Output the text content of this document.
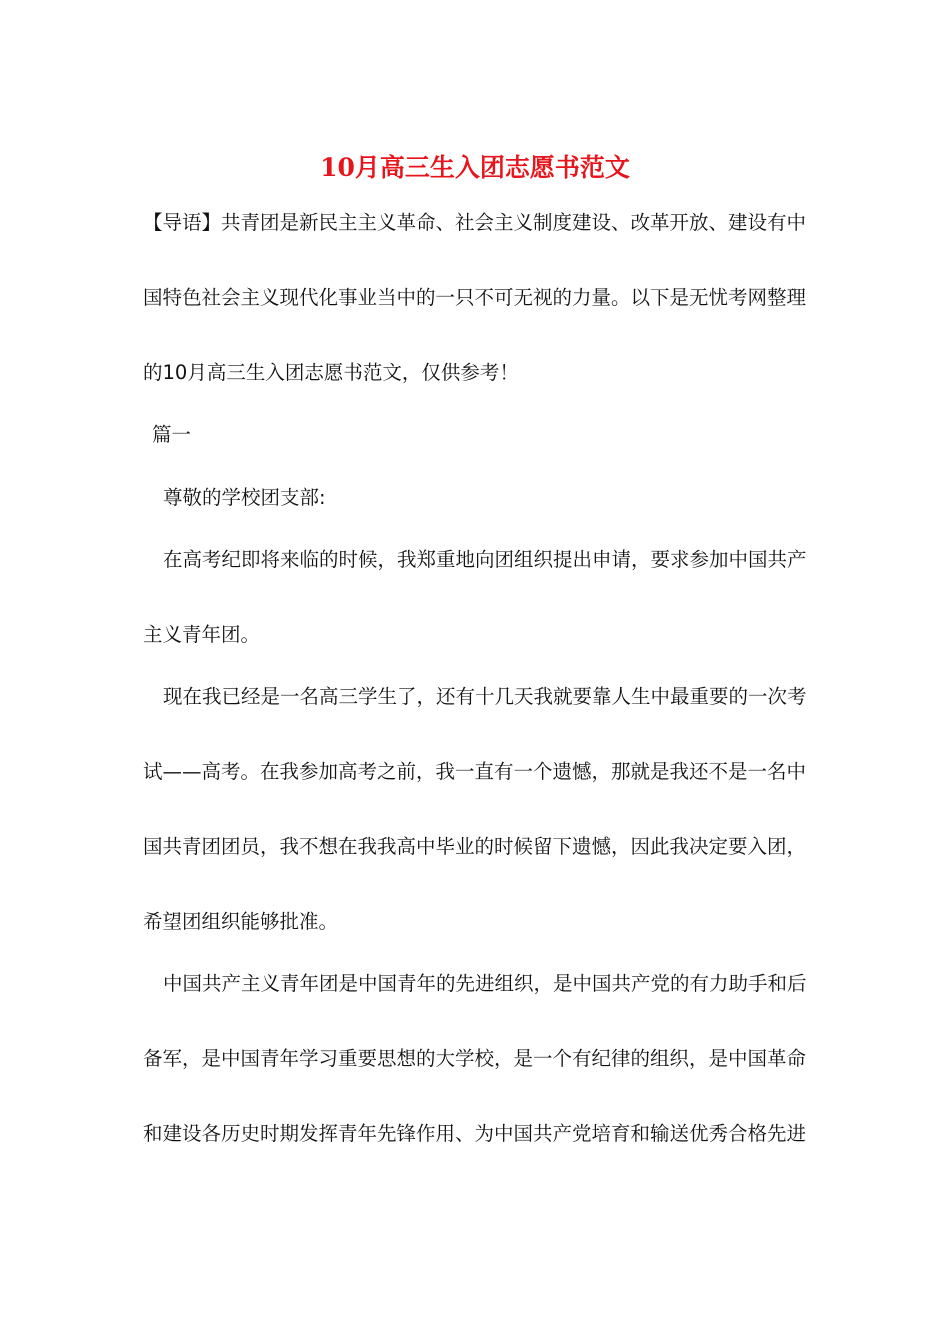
10月高三生入团志愿书范文
【导语】共青团是新民主主义革命、社会主义制度建设、改革开放、建设有中
国特色社会主义现代化事业当中的一只不可无视的力量。以下是无忧考网整理
的10月高三生入团志愿书范文，仅供参考！
篇一
尊敬的学校团支部:
在高考纪即将来临的时候，我郑重地向团组织提出申请，要求参加中国共产
主义青年团。
现在我已经是一名高三学生了，还有十几天我就要靠人生中最重要的一次考
试——高考。在我参加高考之前，我一直有一个遗憾，那就是我还不是一名中
国共青团团员，我不想在我我高中毕业的时候留下遗憾，因此我决定要入团，
希望团组织能够批准。
中国共产主义青年团是中国青年的先进组织，是中国共产党的有力助手和后
备军，是中国青年学习重要思想的大学校，是一个有纪律的组织，是中国革命
和建设各历史时期发挥青年先锋作用、为中国共产党培育和输送优秀合格先进
